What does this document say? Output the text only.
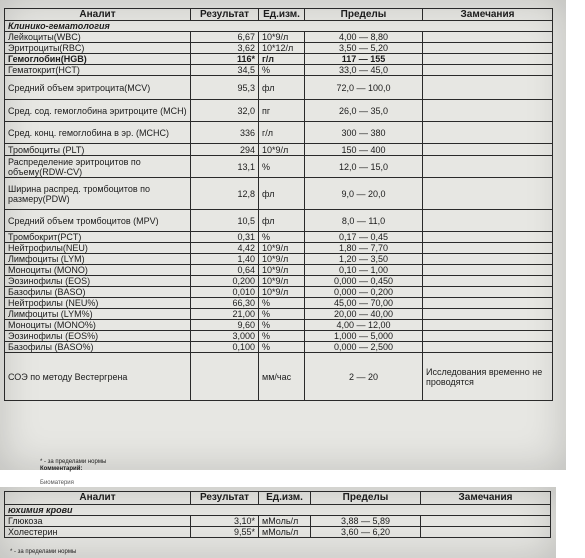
Аналит	Результат	Ед.изм.	Пределы	Замечания
Клинико-гематология				
Лейкоциты(WBC)	6,67	10*9/л	4,00 — 8,80	
Эритроциты(RBC)	3,62	10*12/л	3,50 — 5,20	
Гемоглобин(HGB)	116*	г/л	117 — 155	
Гематокрит(HCT)	34,5	%	33,0 — 45,0	
Средний объем эритроцита(MCV)	95,3	фл	72,0 — 100,0	
Сред. сод. гемоглобина эритроците (MCH)	32,0	пг	26,0 — 35,0	
Сред. конц. гемоглобина в эр. (MCHC)	336	г/л	300 — 380	
Тромбоциты (PLT)	294	10*9/л	150 — 400	
Распределение эритроцитов по объему(RDW-CV)	13,1	%	12,0 — 15,0	
Ширина распред. тромбоцитов по размеру(PDW)	12,8	фл	9,0 — 20,0	
Средний объем тромбоцитов (MPV)	10,5	фл	8,0 — 11,0	
Тромбокрит(PCT)	0,31	%	0,17 — 0,45	
Нейтрофилы(NEU)	4,42	10*9/л	1,80 — 7,70	
Лимфоциты (LYM)	1,40	10*9/л	1,20 — 3,50	
Моноциты (MONO)	0,64	10*9/л	0,10 — 1,00	
Эозинофилы (EOS)	0,200	10*9/л	0,000 — 0,450	
Базофилы (BASO)	0,010	10*9/л	0,000 — 0,200	
Нейтрофилы (NEU%)	66,30	%	45,00 — 70,00	
Лимфоциты (LYM%)	21,00	%	20,00 — 40,00	
Моноциты (MONO%)	9,60	%	4,00 — 12,00	
Эозинофилы (EOS%)	3,000	%	1,000 — 5,000	
Базофилы (BASO%)	0,100	%	0,000 — 2,500	
СОЭ по методу Вестергрена		мм/час	2 — 20	Исследования временно не проводятся
* - за пределами нормы
Комментарий:
Биоматерия
Аналит	Результат	Ед.изм.	Пределы	Замечания
юхимия крови				
Глюкоза	3,10*	мМоль/л	3,88 — 5,89	
Холестерин	9,55*	мМоль/л	3,60 — 6,20	
* - за пределами нормы
